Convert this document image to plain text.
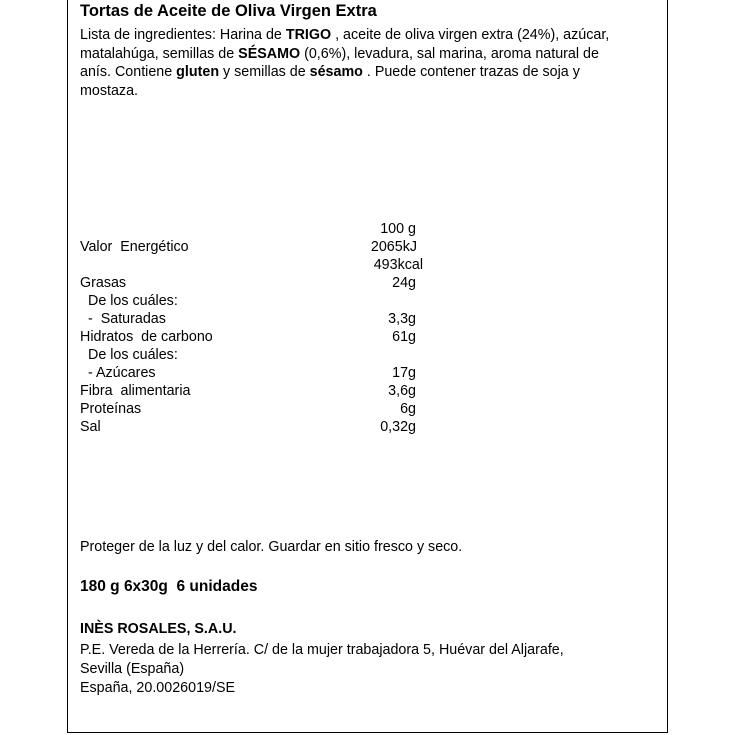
Tortas de Aceite de Oliva Virgen Extra
Lista de ingredientes: Harina de TRIGO , aceite de oliva virgen extra (24%), azúcar, matalahúga, semillas de SÉSAMO (0,6%), levadura, sal marina, aroma natural de anís. Contiene gluten y semillas de sésamo . Puede contener trazas de soja y mostaza.
100 g
Valor  Energético	2065kJ
493kcal
Grasas	24g
De los cuáles:
-  Saturadas	3,3g
Hidratos  de carbono	61g
De los cuáles:
- Azúcares	17g
Fibra  alimentaria	3,6g
Proteínas	6g
Sal	0,32g
Proteger de la luz y del calor. Guardar en sitio fresco y seco.
180 g 6x30g  6 unidades
INÈS ROSALES, S.A.U.
P.E. Vereda de la Herrería. C/ de la mujer trabajadora 5, Huévar del Aljarafe,
Sevilla (España)
España, 20.0026019/SE
